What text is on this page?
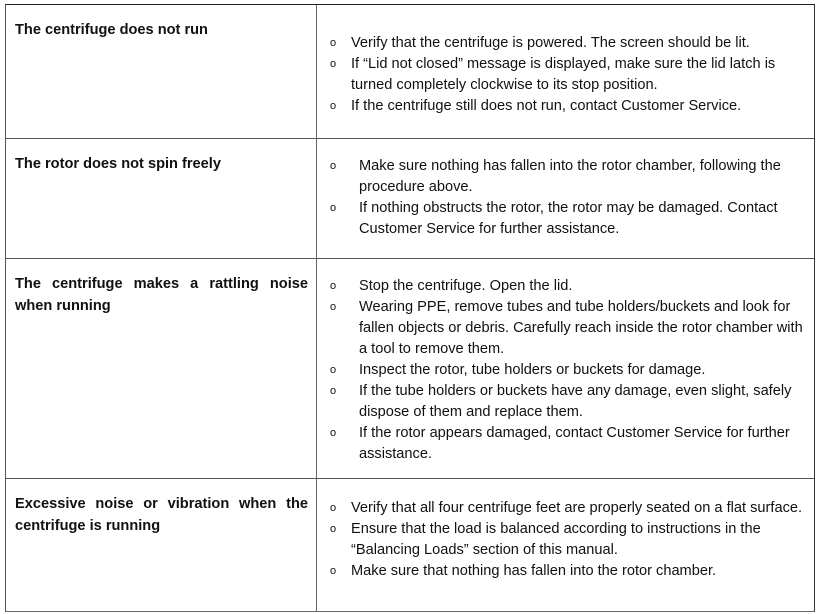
The centrifuge does not run

o Verify that the centrifuge is powered. The screen should be lit.
o If “Lid not closed” message is displayed, make sure the lid latch is turned completely clockwise to its stop position.
o If the centrifuge still does not run, contact Customer Service.

The rotor does not spin freely	o Make sure nothing has fallen into the rotor chamber, following the procedure above.
o If nothing obstructs the rotor, the rotor may be damaged. Contact Customer Service for further assistance.

The centrifuge makes a rattling noise when running

o Stop the centrifuge. Open the lid.
o Wearing PPE, remove tubes and tube holders/buckets and look for fallen objects or debris. Carefully reach inside the rotor chamber with a tool to remove them.
o Inspect the rotor, tube holders or buckets for damage.
o If the tube holders or buckets have any damage, even slight, safely dispose of them and replace them.
o If the rotor appears damaged, contact Customer Service for further assistance.

Excessive noise or vibration when the centrifuge is running

o Verify that all four centrifuge feet are properly seated on a flat surface.
o Ensure that the load is balanced according to instructions in the “Balancing Loads” section of this manual.
o Make sure that nothing has fallen into the rotor chamber.
